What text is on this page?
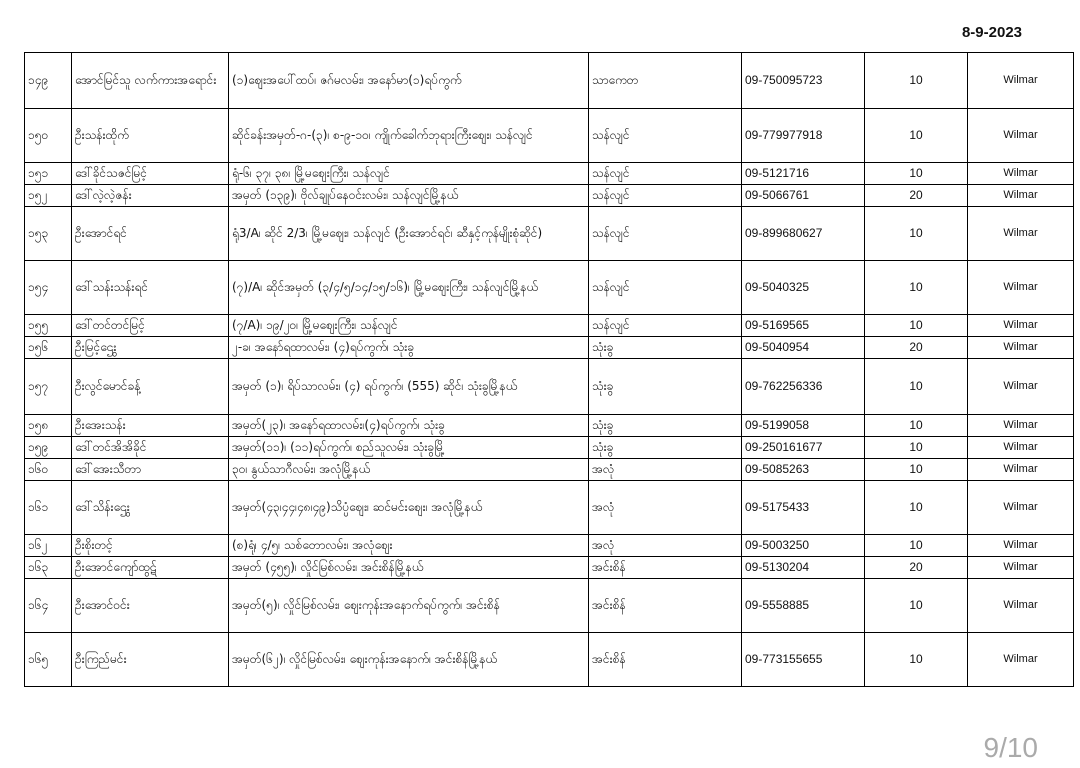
8-9-2023
၁၄၉	အောင်မြင်သူ လက်ကားအရောင်း	(၁)ဈေးအပေါ်ထပ်၊ ဇဂ်မလမ်း၊ အနော်မာ(၁)ရပ်ကွက်	သာကေတ	09-750095723	10	Wilmar
၁၅၀	ဦးသန်းထိုက်	ဆိုင်ခန်းအမှတ်-ဂ-(၃)၊ စ-၉-၁၀၊ ကျိုက်ခေါက်ဘုရားကြီးဈေး၊ သန်လျင်	သန်လျင်	09-779977918	10	Wilmar
၁၅၁	ဒေါ်ခိုင်သဇင်မြင့်	ရုံ-၆၊ ၃၇၊ ၃၈၊ မြို့မဈေးကြီး၊ သန်လျင်	သန်လျင်	09-5121716	10	Wilmar
၁၅၂	ဒေါ်လဲ့လဲ့ဇန်း	အမှတ် (၁၃၉)၊ ဗိုလ်ချုပ်နေဝင်းလမ်း၊ သန်လျင်မြို့နယ်	သန်လျင်	09-5066761	20	Wilmar
၁၅၃	ဦးအောင်ရင်	ရုံ3/A၊ ဆိုင် 2/3၊ မြို့မဈေး၊ သန်လျင် (ဦးအောင်ရင်၊ ဆီနှင့်ကုန်မျိုးစုံဆိုင်)	သန်လျင်	09-899680627	10	Wilmar
၁၅၄	ဒေါ်သန်းသန်းရင်	(၇)/A၊ ဆိုင်အမှတ် (၃/၄/၅/၁၄/၁၅/၁၆)၊ မြို့မဈေးကြီး၊ သန်လျင်မြို့နယ်	သန်လျင်	09-5040325	10	Wilmar
၁၅၅	ဒေါ်တင်တင်မြင့်	(၇/A)၊ ၁၉/၂၀၊ မြို့မဈေးကြီး၊ သန်လျင်	သန်လျင်	09-5169565	10	Wilmar
၁၅၆	ဦးမြင့်ဌွေး	၂-ခ၊ အနော်ရထာလမ်း၊ (၄)ရပ်ကွက်၊ သုံးခွ	သုံးခွ	09-5040954	20	Wilmar
၁၅၇	ဦးလွင်မောင်ခန့်	အမှတ် (၁)၊ ရိပ်သာလမ်း၊ (၄) ရပ်ကွက်၊ (555) ဆိုင်၊ သုံးခွမြို့နယ်	သုံးခွ	09-762256336	10	Wilmar
၁၅၈	ဦးအေးသန်း	အမှတ်(၂၃)၊ အနော်ရထာလမ်း၊(၄)ရပ်ကွက်၊ သုံးခွ	သုံးခွ	09-5199058	10	Wilmar
၁၅၉	ဒေါ်တင်အိအိခိုင်	အမှတ်(၁၁)၊ (၁၁)ရပ်ကွက်၊ စည်သူလမ်း၊ သုံးခွမြို့	သုံးခွ	09-250161677	10	Wilmar
၁၆၀	ဒေါ်အေးသီတာ	၃၀၊ နွယ်သာဂီလမ်း၊ အလုံမြို့နယ်	အလုံ	09-5085263	10	Wilmar
၁၆၁	ဒေါ်သိန်းဌွေး	အမှတ်(၄၃၊၄၄၊၄၈၊၄၉)သိပ္ပံဈေး၊ ဆင်မင်းဈေး၊ အလုံမြို့နယ်	အလုံ	09-5175433	10	Wilmar
၁၆၂	ဦးစိုးတင့်	(စ)ရုံ၊ ၄/၅၊ သစ်တောလမ်း၊ အလုံဈေး	အလုံ	09-5003250	10	Wilmar
၁၆၃	ဦးအောင်ကျော်ထွဋ်	အမှတ် (၄၅၅)၊ လှိုင်မြစ်လမ်း၊ အင်းစိန်မြို့နယ်	အင်းစိန်	09-5130204	20	Wilmar
၁၆၄	ဦးအောင်ဝင်း	အမှတ်(၅)၊ လှိုင်မြစ်လမ်း၊ ဈေးကုန်းအနောက်ရပ်ကွက်၊ အင်းစိန်	အင်းစိန်	09-5558885	10	Wilmar
၁၆၅	ဦးကြည်မင်း	အမှတ်(၆၂)၊ လှိုင်မြစ်လမ်း၊ ဈေးကုန်းအနောက်၊ အင်းစိန်မြို့နယ်	အင်းစိန်	09-773155655	10	Wilmar
9/10
